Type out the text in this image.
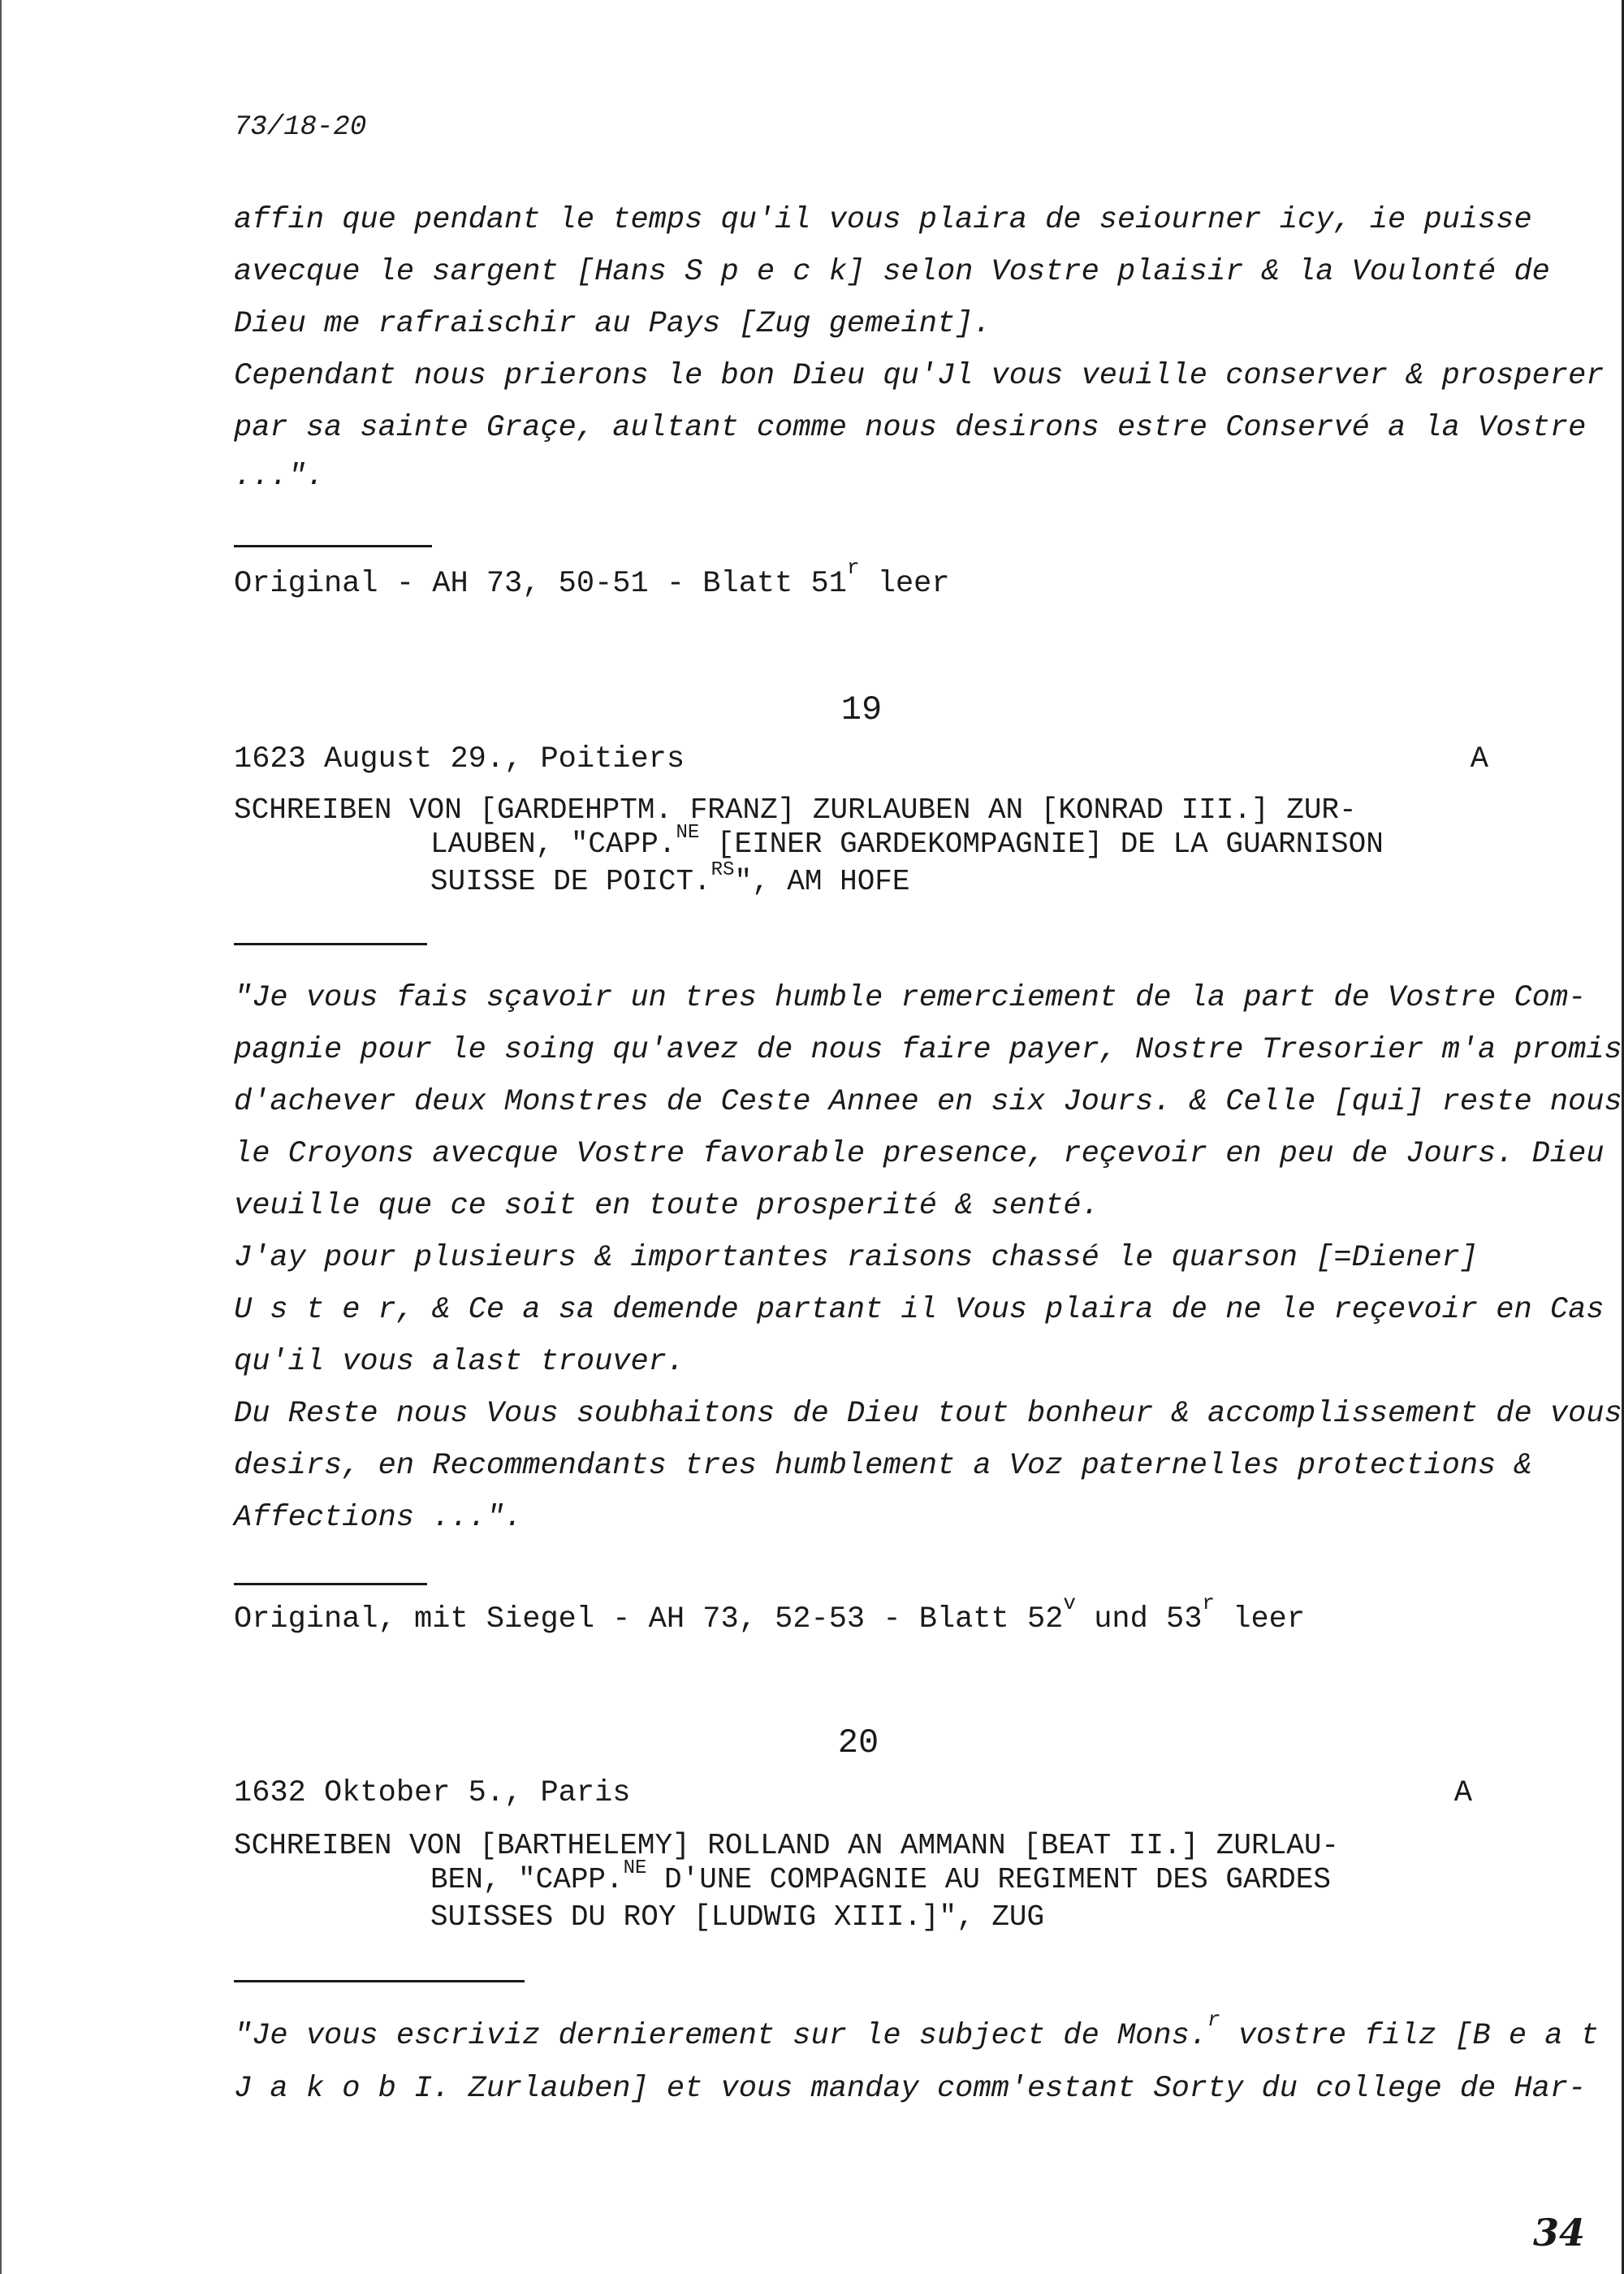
73/18-20
affin que pendant le temps qu'il vous plaira de seiourner icy, ie puisse
avecque le sargent [Hans S p e c k] selon Vostre plaisir & la Voulonté de
Dieu me rafraischir au Pays [Zug gemeint].
Cependant nous prierons le bon Dieu qu'Jl vous veuille conserver & prosperer
par sa sainte Graçe, aultant comme nous desirons estre Conservé a la Vostre
...".
Original - AH 73, 50-51 - Blatt 51$^r$ leer
19
1623 August 29., Poitiers	A
SCHREIBEN VON [GARDEHPTM. FRANZ] ZURLAUBEN AN [KONRAD III.] ZUR-
LAUBEN, "CAPP.$^{NE}$ [EINER GARDEKOMPAGNIE] DE LA GUARNISON
SUISSE DE POICT.$^{RS}$", AM HOFE
"Je vous fais sçavoir un tres humble remerciement de la part de Vostre Com-
pagnie pour le soing qu'avez de nous faire payer, Nostre Tresorier m'a promis
d'achever deux Monstres de Ceste Annee en six Jours. & Celle [qui] reste nous
le Croyons avecque Vostre favorable presence, reçevoir en peu de Jours. Dieu
veuille que ce soit en toute prosperité & senté.
J'ay pour plusieurs & importantes raisons chassé le quarson [=Diener]
U s t e r, & Ce a sa demende partant il Vous plaira de ne le reçevoir en Cas
qu'il vous alast trouver.
Du Reste nous Vous soubhaitons de Dieu tout bonheur & accomplissement de vous
desirs, en Recommendants tres humblement a Voz paternelles protections &
Affections ...".
Original, mit Siegel - AH 73, 52-53 - Blatt 52$^v$ und 53$^r$ leer
20
1632 Oktober 5., Paris	A
SCHREIBEN VON [BARTHELEMY] ROLLAND AN AMMANN [BEAT II.] ZURLAU-
BEN, "CAPP.$^{NE}$ D'UNE COMPAGNIE AU REGIMENT DES GARDES
SUISSES DU ROY [LUDWIG XIII.]", ZUG
"Je vous escriviz dernierement sur le subject de Mons.$^r$ vostre filz [B e a t
J a k o b I. Zurlauben] et vous manday comm'estant Sorty du college de Har-
34
